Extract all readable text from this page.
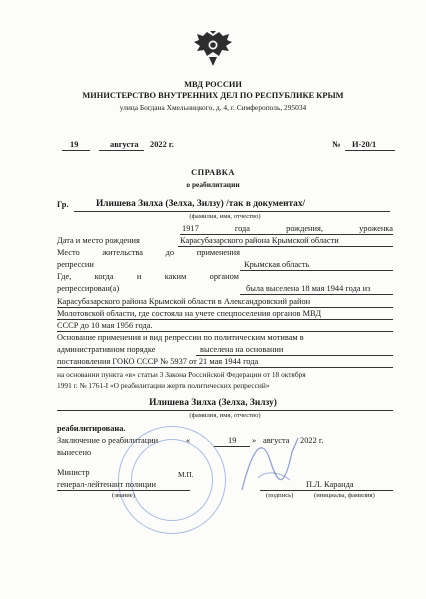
МВД РОССИИ
МИНИСТЕРСТВО ВНУТРЕННИХ ДЕЛ ПО РЕСПУБЛИКЕ КРЫМ
улица Богдана Хмельницкого, д. 4, г. Симферополь, 295034
19	августа 2022 г.	№ И-20/1
СПРАВКА
о реабилитации
Гр.	Илишева Зилха (Зелха, Зилзу) /так в документах/
(фамилия, имя, отчество)
1917	года	рождения,	уроженка
Дата и место рождения	Карасубазарского района Крымской области
Место	жительства	до	применения
репрессии	Крымская область
Где,	когда	и	каким	органом
репрессирован(а)	была выселена 18 мая 1944 года из
Карасубазарского района Крымской области в Александровский район
Молотовской области, где состояла на учете спецпоселения органов МВД
СССР до 10 мая 1956 года.
Основание применения и вид репрессии по политическим мотивам в
административном порядке	выселена на основании
постановления ГОКО СССР № 5937 от 21 мая 1944 года
на основании пункта «в» статьи 3 Закона Российской Федерации от 18 октября
1991 г. № 1761-I «О реабилитации жертв политических репрессий»
Илишева Зилха (Зелха, Зилзу)
(фамилия, имя, отчество)
реабилитирована.
Заключение о реабилитации
вынесено
«	19 » августа 2022 г.
Министр	М.П.
генерал-лейтенант полиции	П.Л. Каранда
(звание)	(подпись)	(инициалы, фамилия)
